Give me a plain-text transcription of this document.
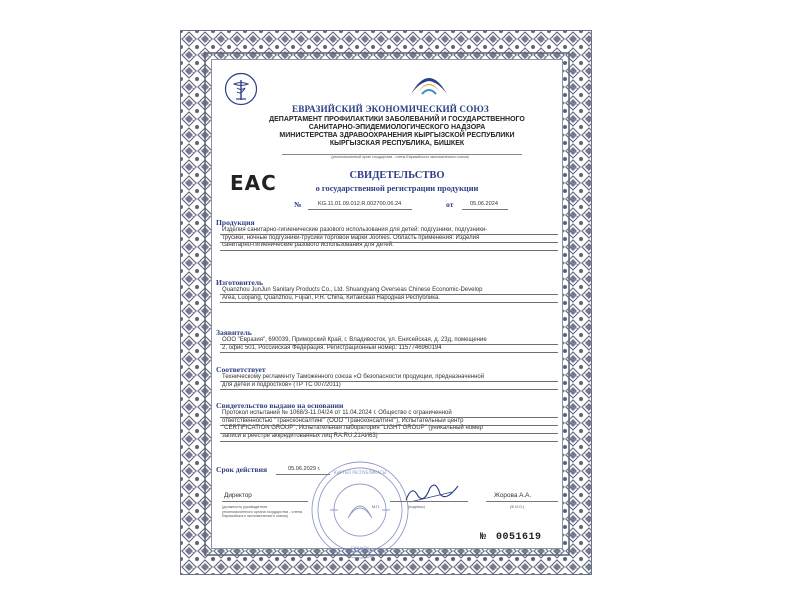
ЕВРАЗИЙСКИЙ ЭКОНОМИЧЕСКИЙ СОЮЗ
ДЕПАРТАМЕНТ ПРОФИЛАКТИКИ ЗАБОЛЕВАНИЙ И ГОСУДАРСТВЕННОГО
САНИТАРНО-ЭПИДЕМИОЛОГИЧЕСКОГО НАДЗОРА
МИНИСТЕРСТВА ЗДРАВООХРАНЕНИЯ КЫРГЫЗСКОЙ РЕСПУБЛИКИ
КЫРГЫЗСКАЯ РЕСПУБЛИКА, БИШКЕК
(уполномоченный орган государства - члена Евразийского экономического союза)
EAC	СВИДЕТЕЛЬСТВО
о государственной регистрации продукции
№	KG.11.01.09.012.R.002700.06.24	от	05.06.2024
Продукция
Изделия санитарно-гигиенические разового использования для детей: подгузники, подгузники-
трусики, ночные подгузники-трусики торговой марки Joonies. Область применения: Изделия
санитарно-гигиенические разового использования для детей.
Изготовитель
Quanzhou JunJun Sanitary Products Co., Ltd. Shuangyang Overseas Chinese Economic-Develop
Area, Luojiang, Quanzhou, Fujian, P.R. China, Китайская Народная Республика.
Заявитель
ООО "Евразия", 690039, Приморский Край, г. Владивосток, ул. Енисейская, д. 23д, помещение
2, офис 501, Российская Федерация. Регистрационный номер: 1157746960194
Соответствует
Техническому регламенту Таможенного союза «О безопасности продукции, предназначенной
для детей и подростков» (ТР ТС 007/2011)
Свидетельство выдано на основании
Протокол испытаний № 1068/3-11.04/24 от 11.04.2024 г. Общество с ограниченной
ответственностью "Трансконсалтинг" (ООО "Трансконсалтинг"), Испытательный центр
"CERTIFICATION GROUP", Испытательная лаборатория "LIGHT GROUP" (уникальный номер
записи в реестре аккредитованных лиц RA.RU.21АИ63)
Срок действия	05.06.2029 г.
КЫРГЫЗ РЕСПУБЛИКАСЫ
БИШКЕК
Директор
(должность руководителя
уполномоченного органа государства - члена
Евразийского экономического союза)
(подпись)
М.П.
Жорова А.А.
(Ф.И.О.)
№ 0051619
